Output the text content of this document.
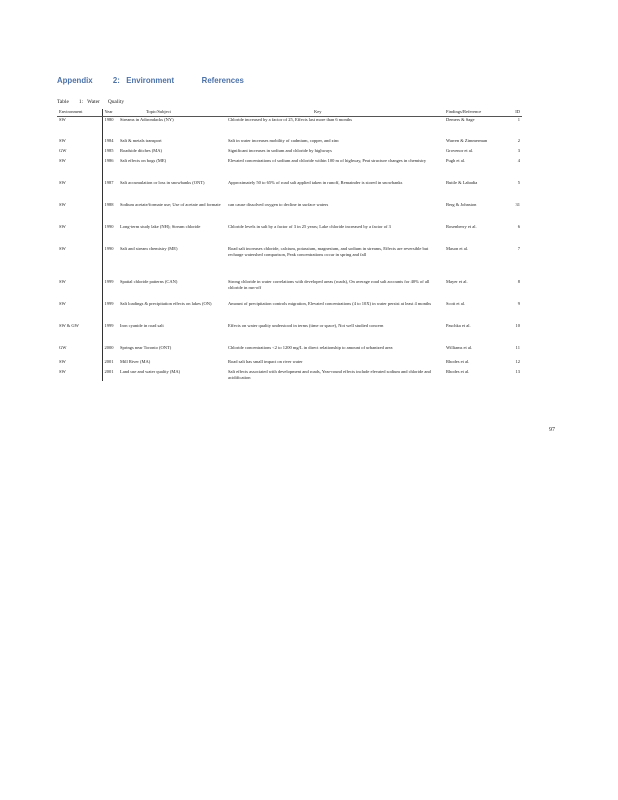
Appendix 2: Environment	References
Table 1: Water Quality
Environment	Year	Topic/Subject	Key	Findings/Reference	ID
SW	1980	Streams in Adirondacks (NY)	Chloride increased by a factor of 25, Effects last more than 6 months	Demers & Sage	1
SW	1984	Salt & metals transport	Salt in water increases mobility of cadmium, copper, and zinc	Warren & Zimmerman	2
GW	1985	Roadside ditches (MA)	Significant increases in sodium and chloride by highways	Grovenor et al.	3
SW	1986	Salt effects on bogs (ME)	Elevated concentrations of sodium and chloride within 100 m of highway, Peat structure changes in chemistry	Pugh et al.	4
SW	1987	Salt accumulation or loss in snowbanks (ONT)	Approximately 50 to 65% of road salt applied taken in runoff, Remainder is stored in snowbanks	Buttle & Labadia	5
SW	1988	Sodium acetate/formate use; Use of acetate and formate	can cause dissolved oxygen to decline in surface waters	Berg & Johnston	31
SW	1990	Long-term study lake (NH); Stream chloride	Chloride levels in salt by a factor of 3 in 25 years; Lake chloride increased by a factor of 3	Rosenberry et al.	6
SW	1990	Salt and stream chemistry (ME)	Road salt increases chloride, calcium, potassium, magnesium, and sodium in streams, Effects are reversible but recharge watershed comparison, Peak concentrations occur in spring and fall	Mason et al.	7
SW	1999	Spatial chloride patterns (CAN)	Strong chloride in water correlations with developed areas (roads), On average road salt accounts for 40% of all chloride in run-off	Mayer et al.	8
SW	1999	Salt loadings & precipitation effects on lakes (ON)	Amount of precipitation controls migration, Elevated concentrations (4 to 10X) in water persist at least 4 months	Scott et al.	9
SW & GW	1999	Iron cyanide in road salt	Effects on water quality understood in terms (time or space), Not well studied concern	Paschka et al.	10
GW	2000	Springs near Toronto (ONT)	Chloride concentrations <2 to 1200 mg/L in direct relationship to amount of urbanized area	Williams et al.	11
SW	2001	Mill River (MA)	Road salt has small impact on river water	Rhodes et al.	12
SW	2001	Land use and water quality (MA)	Salt effects associated with development and roads, Year-round effects include elevated sodium and chloride and acidification	Rhodes et al.	13
97
